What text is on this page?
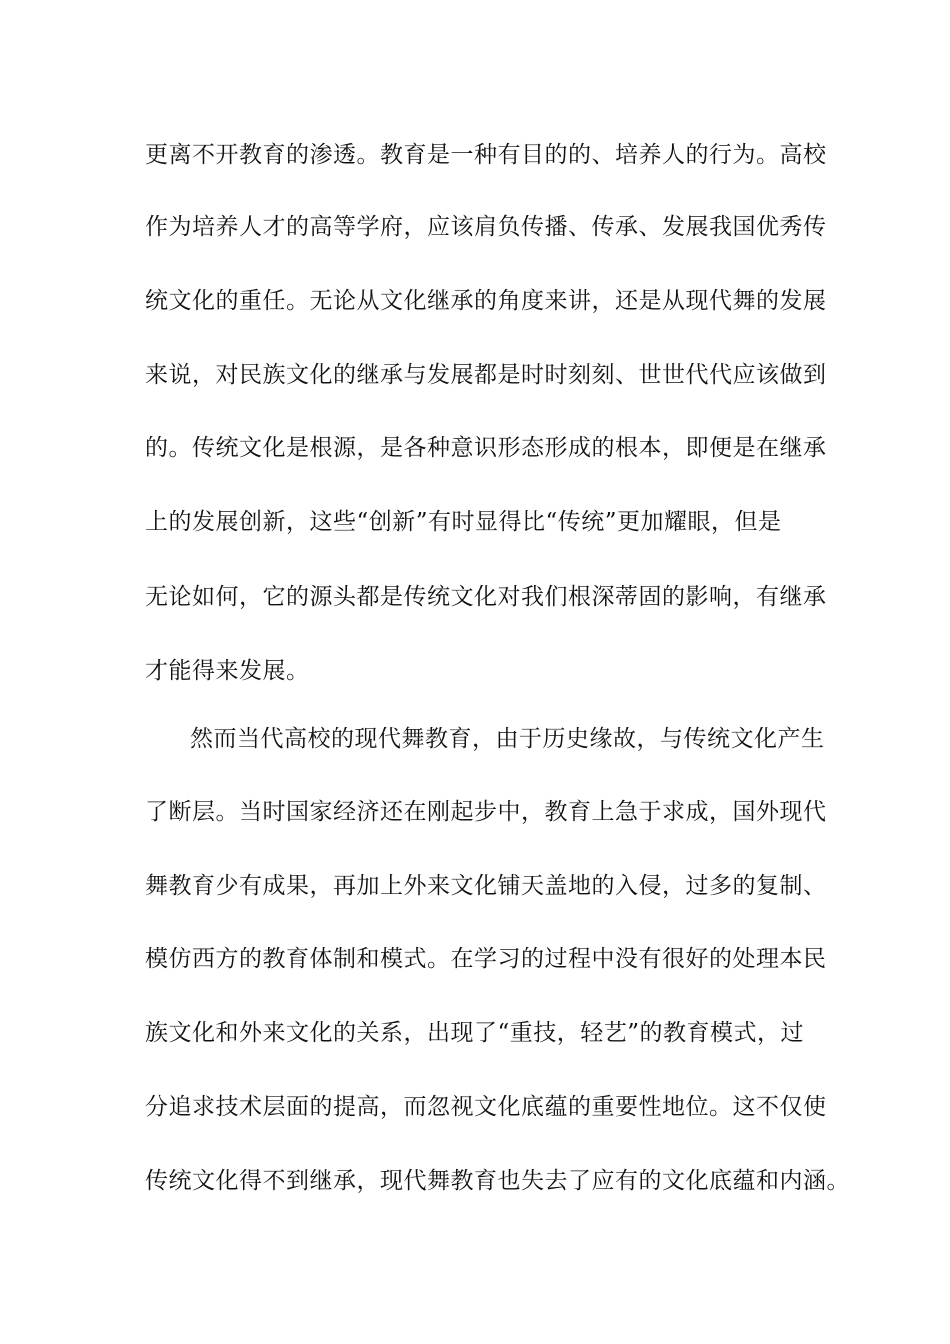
更离不开教育的渗透。教育是一种有目的的、培养人的行为。高校
作为培养人才的高等学府，应该肩负传播、传承、发展我国优秀传
统文化的重任。无论从文化继承的角度来讲，还是从现代舞的发展
来说，对民族文化的继承与发展都是时时刻刻、世世代代应该做到
的。传统文化是根源，是各种意识形态形成的根本，即便是在继承
上的发展创新，这些“创新”有时显得比“传统”更加耀眼，但是
无论如何，它的源头都是传统文化对我们根深蒂固的影响，有继承
才能得来发展。
然而当代高校的现代舞教育，由于历史缘故，与传统文化产生
了断层。当时国家经济还在刚起步中，教育上急于求成，国外现代
舞教育少有成果，再加上外来文化铺天盖地的入侵，过多的复制、
模仿西方的教育体制和模式。在学习的过程中没有很好的处理本民
族文化和外来文化的关系，出现了“重技，轻艺”的教育模式，过
分追求技术层面的提高，而忽视文化底蕴的重要性地位。这不仅使
传统文化得不到继承，现代舞教育也失去了应有的文化底蕴和内涵。
